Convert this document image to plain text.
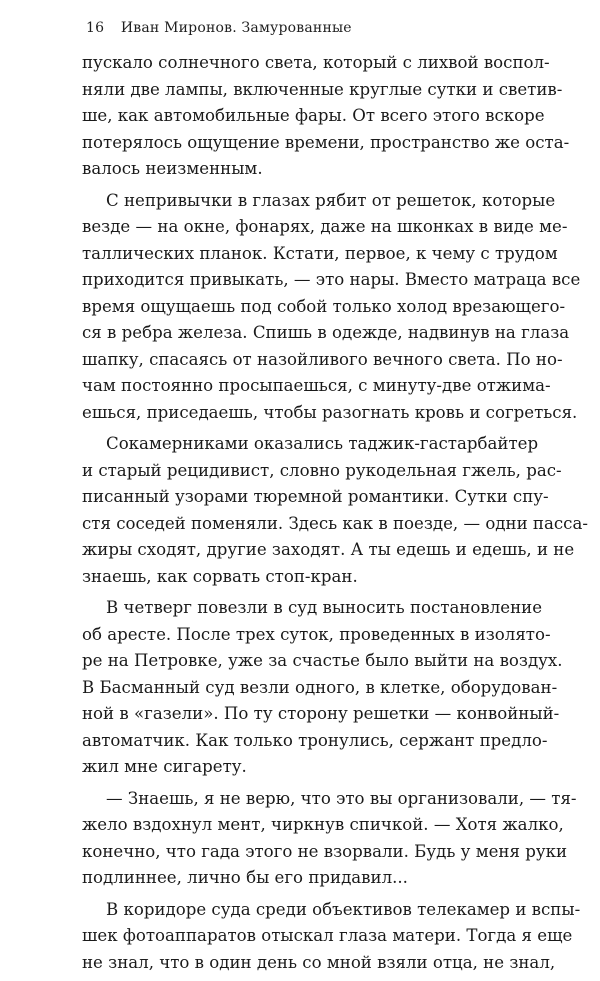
16 Иван Миронов. Замурованные
пускало солнечного света, который с лихвой воспол-
няли две лампы, включенные круглые сутки и светив-
ше, как автомобильные фары. От всего этого вскоре
потерялось ощущение времени, пространство же оста-
валось неизменным.
С непривычки в глазах рябит от решеток, которые
везде — на окне, фонарях, даже на шконках в виде ме-
таллических планок. Кстати, первое, к чему с трудом
приходится привыкать, — это нары. Вместо матраца все
время ощущаешь под собой только холод врезающего-
ся в ребра железа. Спишь в одежде, надвинув на глаза
шапку, спасаясь от назойливого вечного света. По но-
чам постоянно просыпаешься, с минуту-две отжима-
ешься, приседаешь, чтобы разогнать кровь и согреться.
Сокамерниками оказались таджик-гастарбайтер
и старый рецидивист, словно рукодельная гжель, рас-
писанный узорами тюремной романтики. Сутки спу-
стя соседей поменяли. Здесь как в поезде, — одни пасса-
жиры сходят, другие заходят. А ты едешь и едешь, и не
знаешь, как сорвать стоп-кран.
В четверг повезли в суд выносить постановление
об аресте. После трех суток, проведенных в изолято-
ре на Петровке, уже за счастье было выйти на воздух.
В Басманный суд везли одного, в клетке, оборудован-
ной в «газели». По ту сторону решетки — конвойный-
автоматчик. Как только тронулись, сержант предло-
жил мне сигарету.
— Знаешь, я не верю, что это вы организовали, — тя-
жело вздохнул мент, чиркнув спичкой. — Хотя жалко,
конечно, что гада этого не взорвали. Будь у меня руки
подлиннее, лично бы его придавил...
В коридоре суда среди объективов телекамер и вспы-
шек фотоаппаратов отыскал глаза матери. Тогда я еще
не знал, что в один день со мной взяли отца, не знал,
